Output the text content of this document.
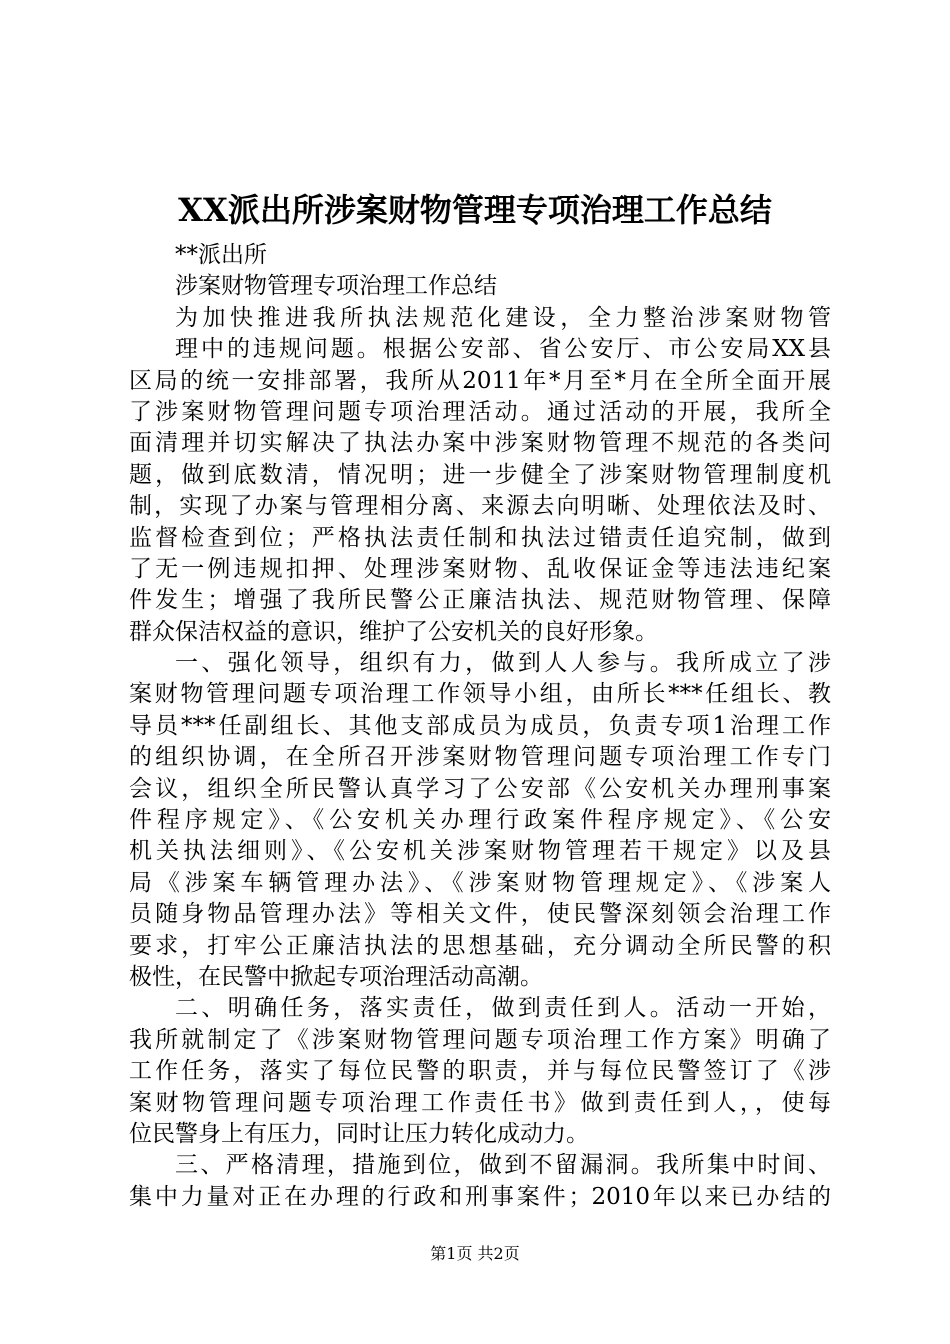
XX派出所涉案财物管理专项治理工作总结
**派出所
涉案财物管理专项治理工作总结
为加快推进我所执法规范化建设，全力整治涉案财物管
理中的违规问题。根据公安部、省公安厅、市公安局XX县
区局的统一安排部署，我所从2011年*月至*月在全所全面开展
了涉案财物管理问题专项治理活动。通过活动的开展，我所全
面清理并切实解决了执法办案中涉案财物管理不规范的各类问
题，做到底数清，情况明；进一步健全了涉案财物管理制度机
制，实现了办案与管理相分离、来源去向明晰、处理依法及时、
监督检查到位；严格执法责任制和执法过错责任追究制，做到
了无一例违规扣押、处理涉案财物、乱收保证金等违法违纪案
件发生；增强了我所民警公正廉洁执法、规范财物管理、保障
群众保洁权益的意识，维护了公安机关的良好形象。
一、强化领导，组织有力，做到人人参与。我所成立了涉
案财物管理问题专项治理工作领导小组，由所长***任组长、教
导员***任副组长、其他支部成员为成员，负责专项1治理工作
的组织协调，在全所召开涉案财物管理问题专项治理工作专门
会议，组织全所民警认真学习了公安部《公安机关办理刑事案
件程序规定》、《公安机关办理行政案件程序规定》、《公安
机关执法细则》、《公安机关涉案财物管理若干规定》以及县
局《涉案车辆管理办法》、《涉案财物管理规定》、《涉案人
员随身物品管理办法》等相关文件，使民警深刻领会治理工作
要求，打牢公正廉洁执法的思想基础，充分调动全所民警的积
极性，在民警中掀起专项治理活动高潮。
二、明确任务，落实责任，做到责任到人。活动一开始，
我所就制定了《涉案财物管理问题专项治理工作方案》明确了
工作任务，落实了每位民警的职责，并与每位民警签订了《涉
案财物管理问题专项治理工作责任书》做到责任到人，，使每
位民警身上有压力，同时让压力转化成动力。
三、严格清理，措施到位，做到不留漏洞。我所集中时间、
集中力量对正在办理的行政和刑事案件；2010年以来已办结的
第1页 共2页
